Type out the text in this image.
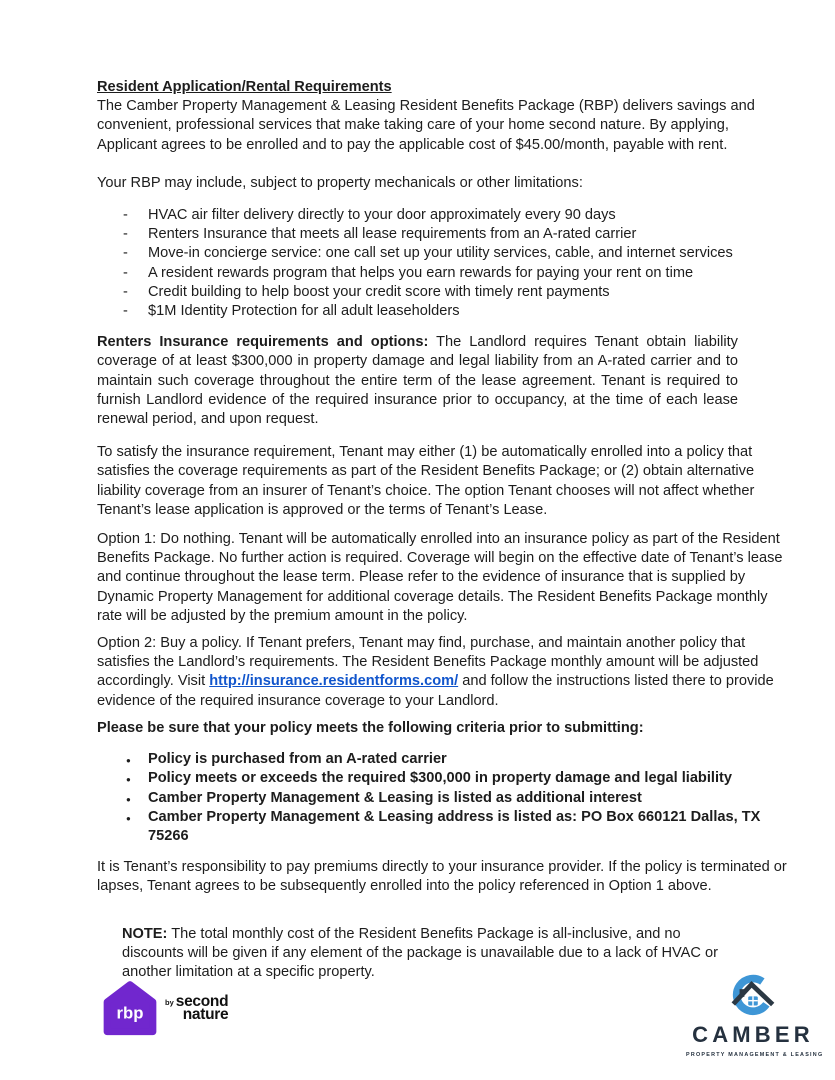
Resident Application/Rental Requirements

The Camber Property Management & Leasing Resident Benefits Package (RBP) delivers savings and convenient, professional services that make taking care of your home second nature. By applying, Applicant agrees to be enrolled and to pay the applicable cost of $45.00/month, payable with rent.

Your RBP may include, subject to property mechanicals or other limitations:

- HVAC air filter delivery directly to your door approximately every 90 days
- Renters Insurance that meets all lease requirements from an A-rated carrier
- Move-in concierge service: one call set up your utility services, cable, and internet services
- A resident rewards program that helps you earn rewards for paying your rent on time
- Credit building to help boost your credit score with timely rent payments
- $1M Identity Protection for all adult leaseholders

Renters Insurance requirements and options: The Landlord requires Tenant obtain liability coverage of at least $300,000 in property damage and legal liability from an A-rated carrier and to maintain such coverage throughout the entire term of the lease agreement. Tenant is required to furnish Landlord evidence of the required insurance prior to occupancy, at the time of each lease renewal period, and upon request.

To satisfy the insurance requirement, Tenant may either (1) be automatically enrolled into a policy that satisfies the coverage requirements as part of the Resident Benefits Package; or (2) obtain alternative liability coverage from an insurer of Tenant’s choice. The option Tenant chooses will not affect whether Tenant’s lease application is approved or the terms of Tenant’s Lease.

Option 1: Do nothing. Tenant will be automatically enrolled into an insurance policy as part of the Resident Benefits Package. No further action is required. Coverage will begin on the effective date of Tenant’s lease and continue throughout the lease term. Please refer to the evidence of insurance that is supplied by Dynamic Property Management for additional coverage details. The Resident Benefits Package monthly rate will be adjusted by the premium amount in the policy.

Option 2: Buy a policy. If Tenant prefers, Tenant may find, purchase, and maintain another policy that satisfies the Landlord’s requirements. The Resident Benefits Package monthly amount will be adjusted accordingly. Visit http://insurance.residentforms.com/ and follow the instructions listed there to provide evidence of the required insurance coverage to your Landlord.

Please be sure that your policy meets the following criteria prior to submitting:

● Policy is purchased from an A-rated carrier
● Policy meets or exceeds the required $300,000 in property damage and legal liability
● Camber Property Management & Leasing is listed as additional interest
● Camber Property Management & Leasing address is listed as: PO Box 660121 Dallas, TX 75266

It is Tenant’s responsibility to pay premiums directly to your insurance provider. If the policy is terminated or lapses, Tenant agrees to be subsequently enrolled into the policy referenced in Option 1 above.

NOTE: The total monthly cost of the Resident Benefits Package is all-inclusive, and no discounts will be given if any element of the package is unavailable due to a lack of HVAC or another limitation at a specific property.
rbp
by second
nature
CAMBER
PROPERTY MANAGEMENT & LEASING
